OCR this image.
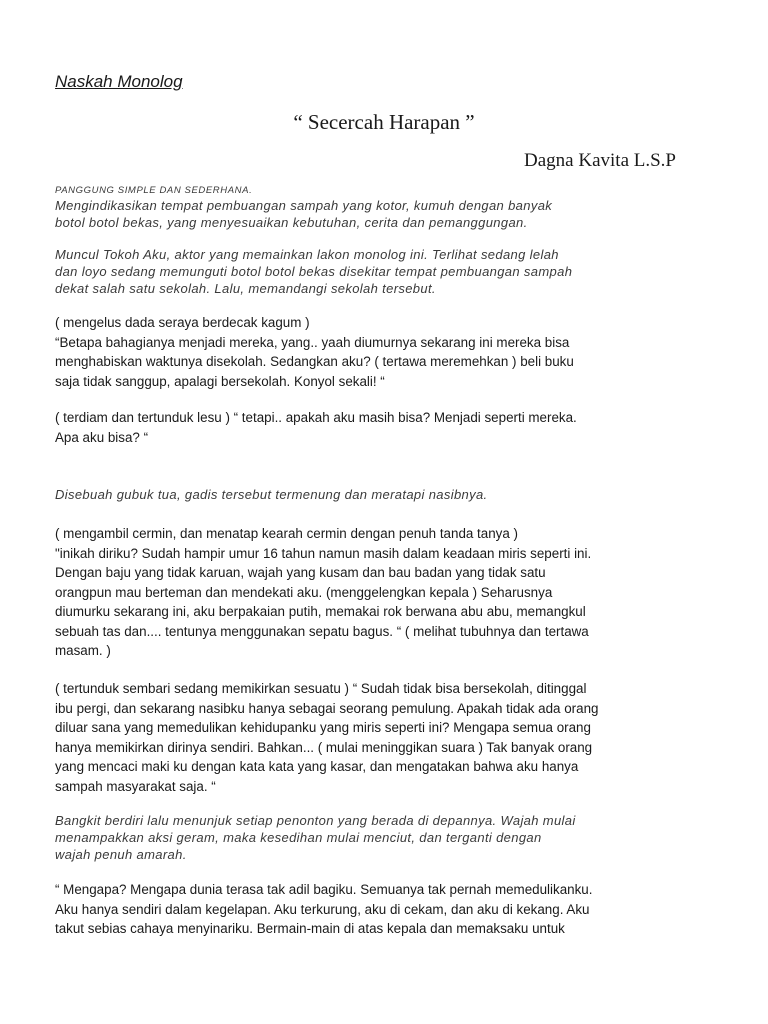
Naskah Monolog
“ Secercah Harapan ”
Dagna Kavita L.S.P
PANGGUNG SIMPLE DAN SEDERHANA.
Mengindikasikan tempat pembuangan sampah yang kotor, kumuh dengan banyak
botol botol bekas, yang menyesuaikan kebutuhan, cerita dan pemanggungan.
Muncul Tokoh Aku, aktor yang memainkan lakon monolog ini. Terlihat sedang lelah
dan loyo sedang memunguti botol botol bekas disekitar tempat pembuangan sampah
dekat salah satu sekolah. Lalu, memandangi sekolah tersebut.
( mengelus dada seraya berdecak kagum )
“Betapa bahagianya menjadi mereka, yang.. yaah diumurnya sekarang ini mereka bisa
menghabiskan waktunya disekolah. Sedangkan aku? ( tertawa meremehkan ) beli buku
saja tidak sanggup, apalagi bersekolah. Konyol sekali! “
( terdiam dan tertunduk lesu ) “ tetapi.. apakah aku masih bisa? Menjadi seperti mereka.
Apa aku bisa? “
Disebuah gubuk tua, gadis tersebut termenung dan meratapi nasibnya.
( mengambil cermin, dan menatap kearah cermin dengan penuh tanda tanya )
"inikah diriku? Sudah hampir umur 16 tahun namun masih dalam keadaan miris seperti ini.
Dengan baju yang tidak karuan, wajah yang kusam dan bau badan yang tidak satu
orangpun mau berteman dan mendekati aku. (menggelengkan kepala ) Seharusnya
diumurku sekarang ini, aku berpakaian putih, memakai rok berwana abu abu, memangkul
sebuah tas dan.... tentunya menggunakan sepatu bagus. “ ( melihat tubuhnya dan tertawa
masam. )
( tertunduk sembari sedang memikirkan sesuatu ) “ Sudah tidak bisa bersekolah, ditinggal
ibu pergi, dan sekarang nasibku hanya sebagai seorang pemulung. Apakah tidak ada orang
diluar sana yang memedulikan kehidupanku yang miris seperti ini? Mengapa semua orang
hanya memikirkan dirinya sendiri. Bahkan... ( mulai meninggikan suara ) Tak banyak orang
yang mencaci maki ku dengan kata kata yang kasar, dan mengatakan bahwa aku hanya
sampah masyarakat saja. “
Bangkit berdiri lalu menunjuk setiap penonton yang berada di depannya. Wajah mulai
menampakkan aksi geram, maka kesedihan mulai menciut, dan terganti dengan
wajah penuh amarah.
“ Mengapa? Mengapa dunia terasa tak adil bagiku. Semuanya tak pernah memedulikanku.
Aku hanya sendiri dalam kegelapan. Aku terkurung, aku di cekam, dan aku di kekang. Aku
takut sebias cahaya menyinariku. Bermain-main di atas kepala dan memaksaku untuk
